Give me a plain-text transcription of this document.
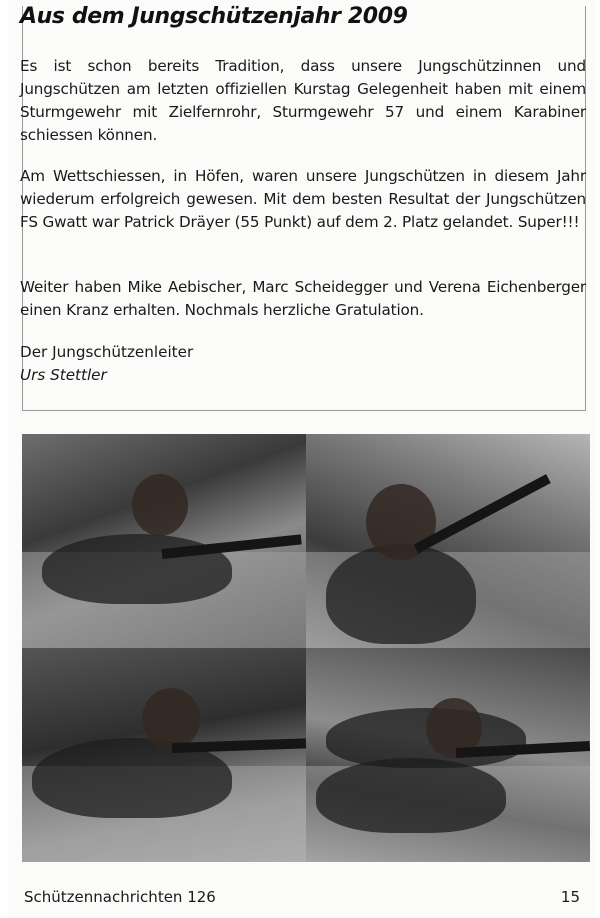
Aus dem Jungschützenjahr 2009

Es ist schon bereits Tradition, dass unsere Jungschützinnen und Jungschützen am letzten offiziellen Kurstag Gelegenheit haben mit einem Sturmgewehr mit Zielfernrohr, Sturmgewehr 57 und einem Karabiner schiessen können.

Am Wettschiessen, in Höfen, waren unsere Jungschützen in diesem Jahr wiederum erfolgreich gewesen. Mit dem besten Resultat der Jungschützen FS Gwatt war Patrick Dräyer (55 Punkt) auf dem 2. Platz gelandet. Super!!!

Weiter haben Mike Aebischer, Marc Scheidegger und Verena Eichenberger einen Kranz erhalten. Nochmals herzliche Gratulation.

Der Jungschützenleiter
Urs Stettler

Schützennachrichten 126	15
